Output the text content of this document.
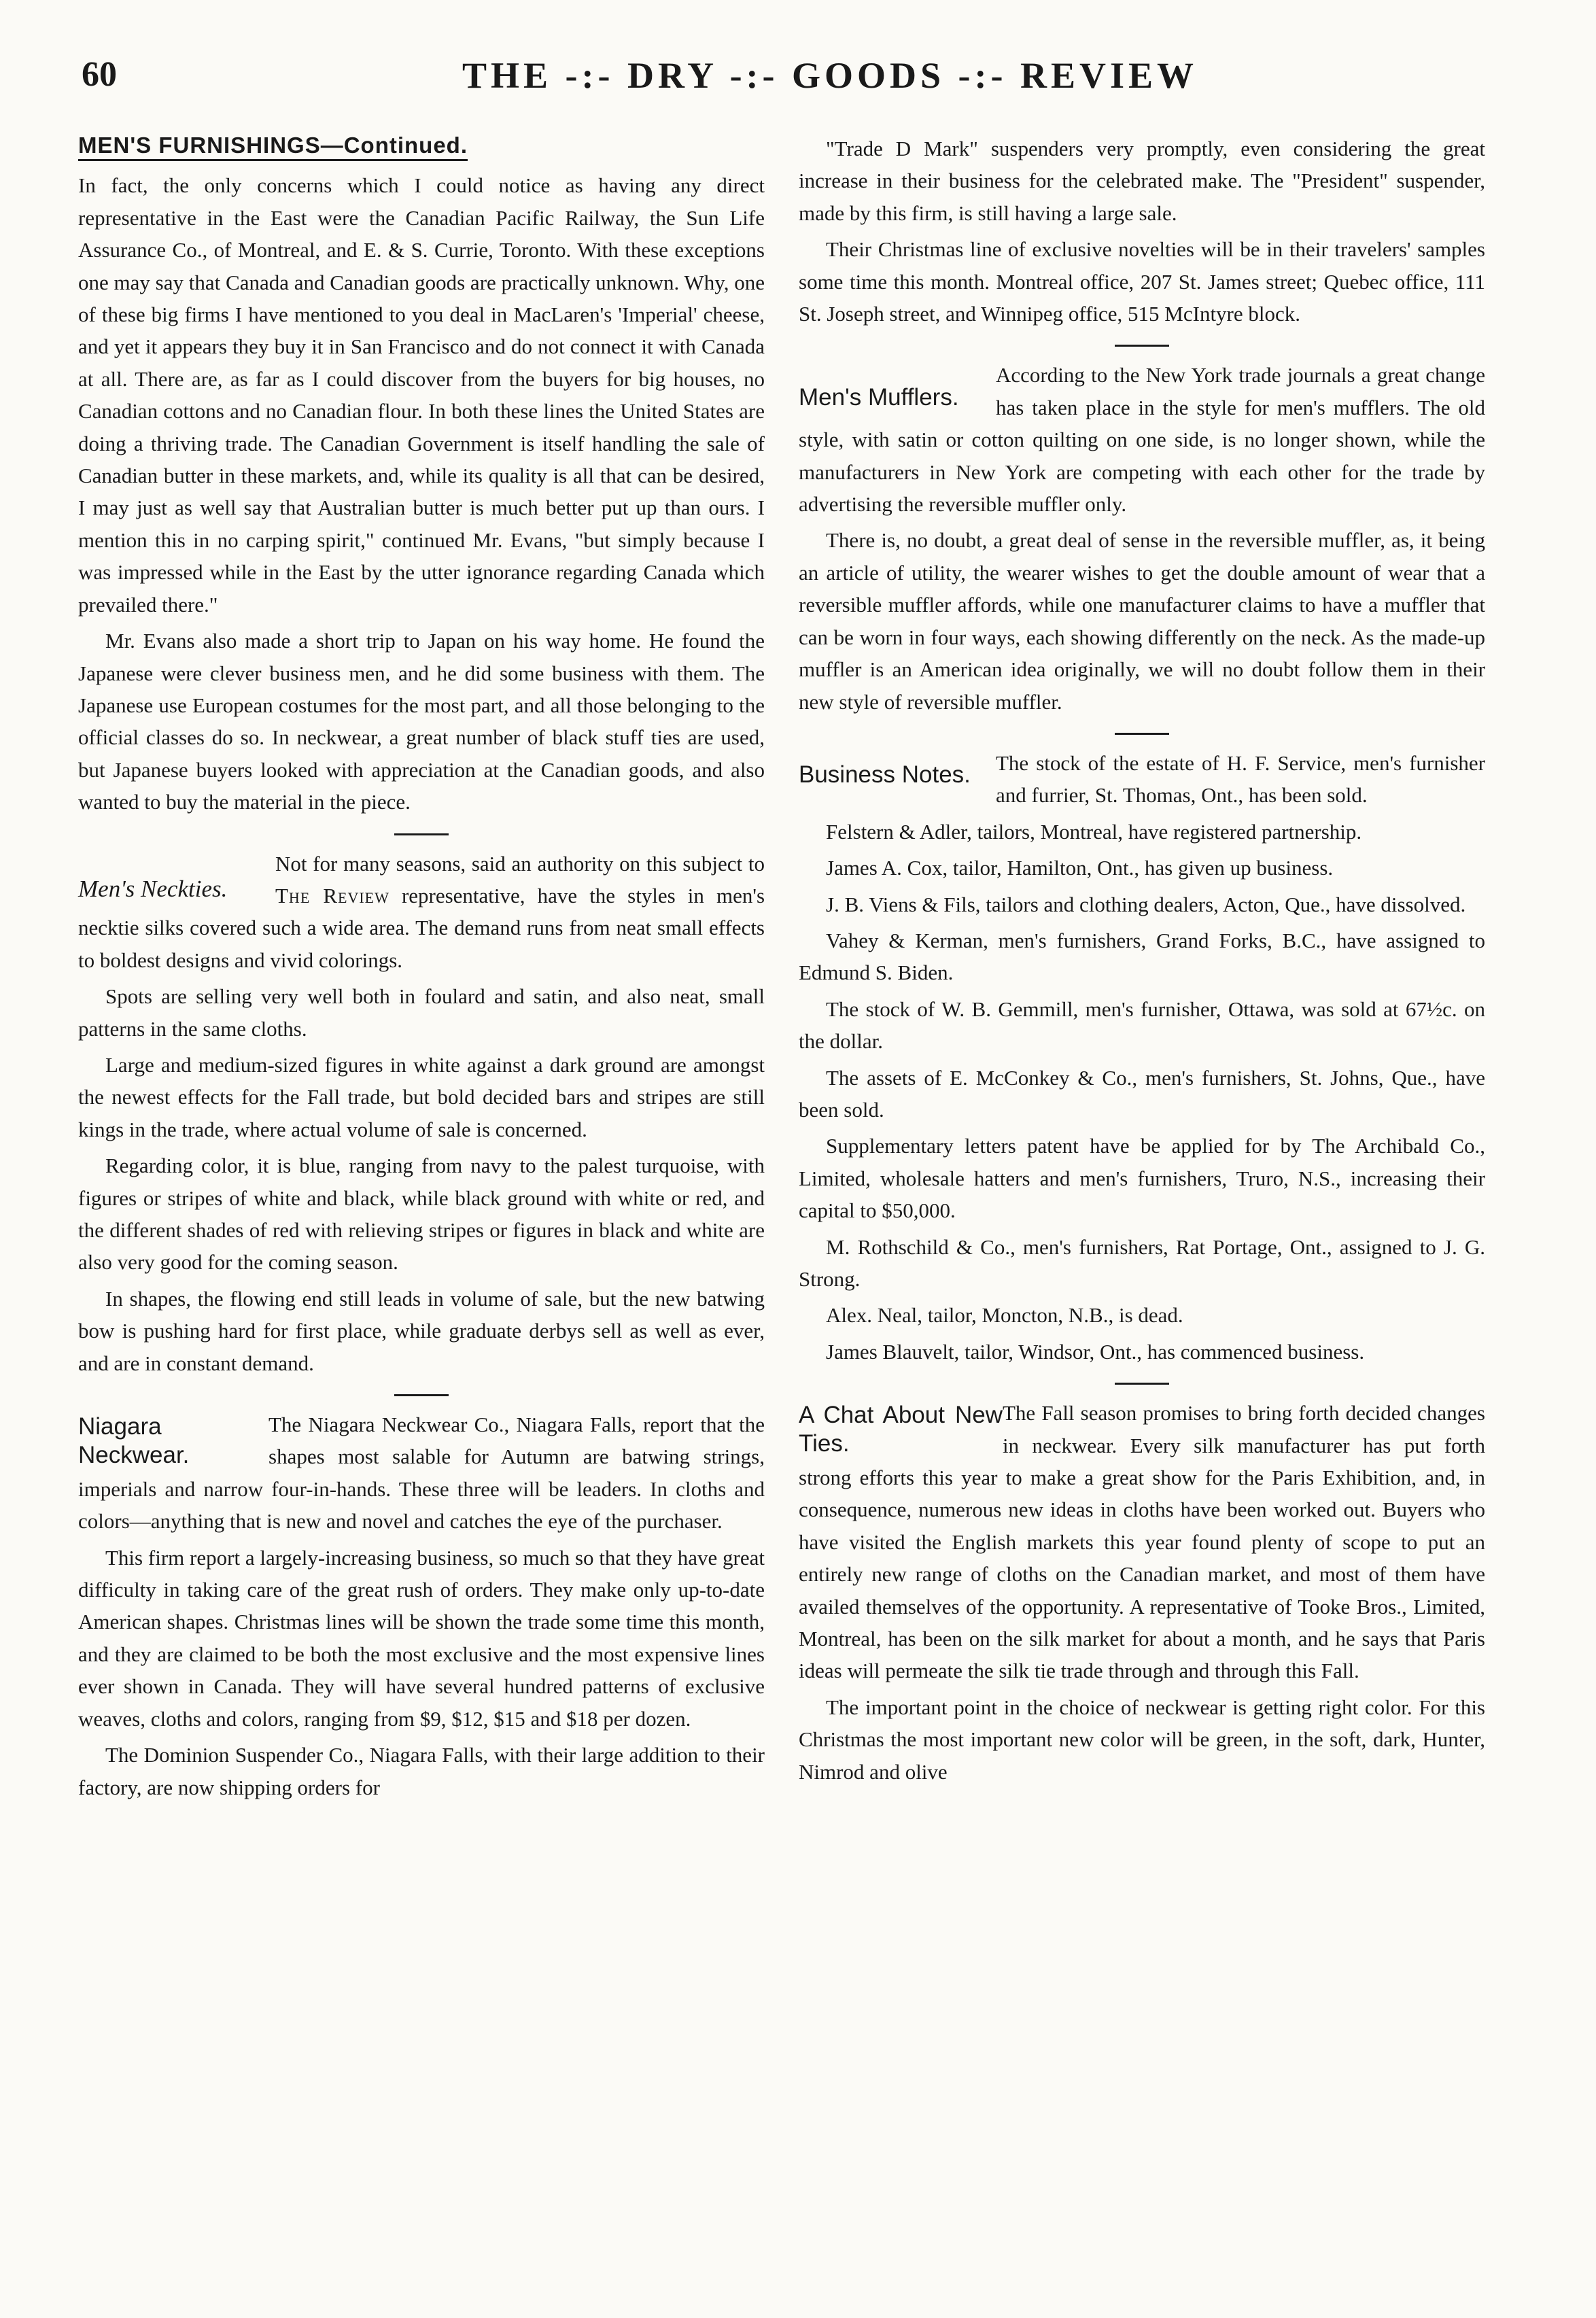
60	THE -:- DRY -:- GOODS -:- REVIEW
MEN'S FURNISHINGS—Continued.

In fact, the only concerns which I could notice as having any direct representative in the East were the Canadian Pacific Railway, the Sun Life Assurance Co., of Montreal, and E. & S. Currie, Toronto. With these exceptions one may say that Canada and Canadian goods are practically unknown. Why, one of these big firms I have mentioned to you deal in MacLaren's 'Imperial' cheese, and yet it appears they buy it in San Francisco and do not connect it with Canada at all. There are, as far as I could discover from the buyers for big houses, no Canadian cottons and no Canadian flour. In both these lines the United States are doing a thriving trade. The Canadian Government is itself handling the sale of Canadian butter in these markets, and, while its quality is all that can be desired, I may just as well say that Australian butter is much better put up than ours. I mention this in no carping spirit," continued Mr. Evans, "but simply because I was impressed while in the East by the utter ignorance regarding Canada which prevailed there."

Mr. Evans also made a short trip to Japan on his way home. He found the Japanese were clever business men, and he did some business with them. The Japanese use European costumes for the most part, and all those belonging to the official classes do so. In neckwear, a great number of black stuff ties are used, but Japanese buyers looked with appreciation at the Canadian goods, and also wanted to buy the material in the piece.

Men's Neckties.

Not for many seasons, said an authority on this subject to The Review representative, have the styles in men's necktie silks covered such a wide area. The demand runs from neat small effects to boldest designs and vivid colorings.

Spots are selling very well both in foulard and satin, and also neat, small patterns in the same cloths.

Large and medium-sized figures in white against a dark ground are amongst the newest effects for the Fall trade, but bold decided bars and stripes are still kings in the trade, where actual volume of sale is concerned.

Regarding color, it is blue, ranging from navy to the palest turquoise, with figures or stripes of white and black, while black ground with white or red, and the different shades of red with relieving stripes or figures in black and white are also very good for the coming season.

In shapes, the flowing end still leads in volume of sale, but the new batwing bow is pushing hard for first place, while graduate derbys sell as well as ever, and are in constant demand.

Niagara Neckwear.

The Niagara Neckwear Co., Niagara Falls, report that the shapes most salable for Autumn are batwing strings, imperials and narrow four-in-hands. These three will be leaders. In cloths and colors—anything that is new and novel and catches the eye of the purchaser.

This firm report a largely-increasing business, so much so that they have great difficulty in taking care of the great rush of orders. They make only up-to-date American shapes. Christmas lines will be shown the trade some time this month, and they are claimed to be both the most exclusive and the most expensive lines ever shown in Canada. They will have several hundred patterns of exclusive weaves, cloths and colors, ranging from $9, $12, $15 and $18 per dozen.

The Dominion Suspender Co., Niagara Falls, with their large addition to their factory, are now shipping orders for

"Trade D Mark" suspenders very promptly, even considering the great increase in their business for the celebrated make. The "President" suspender, made by this firm, is still having a large sale.

Their Christmas line of exclusive novelties will be in their travelers' samples some time this month. Montreal office, 207 St. James street; Quebec office, 111 St. Joseph street, and Winnipeg office, 515 McIntyre block.

Men's Mufflers.

According to the New York trade journals a great change has taken place in the style for men's mufflers. The old style, with satin or cotton quilting on one side, is no longer shown, while the manufacturers in New York are competing with each other for the trade by advertising the reversible muffler only.

There is, no doubt, a great deal of sense in the reversible muffler, as, it being an article of utility, the wearer wishes to get the double amount of wear that a reversible muffler affords, while one manufacturer claims to have a muffler that can be worn in four ways, each showing differently on the neck. As the made-up muffler is an American idea originally, we will no doubt follow them in their new style of reversible muffler.

Business Notes.	The stock of the estate of H. F. Service, men's furnisher and furrier, St. Thomas, Ont., has been sold.

Felstern & Adler, tailors, Montreal, have registered partnership.

James A. Cox, tailor, Hamilton, Ont., has given up business.

J. B. Viens & Fils, tailors and clothing dealers, Acton, Que., have dissolved.

Vahey & Kerman, men's furnishers, Grand Forks, B.C., have assigned to Edmund S. Biden.

The stock of W. B. Gemmill, men's furnisher, Ottawa, was sold at 67½c. on the dollar.

The assets of E. McConkey & Co., men's furnishers, St. Johns, Que., have been sold.

Supplementary letters patent have be applied for by The Archibald Co., Limited, wholesale hatters and men's furnishers, Truro, N.S., increasing their capital to $50,000.

M. Rothschild & Co., men's furnishers, Rat Portage, Ont., assigned to J. G. Strong.

Alex. Neal, tailor, Moncton, N.B., is dead.

James Blauvelt, tailor, Windsor, Ont., has commenced business.

A Chat About New Ties.

The Fall season promises to bring forth decided changes in neckwear. Every silk manufacturer has put forth strong efforts this year to make a great show for the Paris Exhibition, and, in consequence, numerous new ideas in cloths have been worked out. Buyers who have visited the English markets this year found plenty of scope to put an entirely new range of cloths on the Canadian market, and most of them have availed themselves of the opportunity. A representative of Tooke Bros., Limited, Montreal, has been on the silk market for about a month, and he says that Paris ideas will permeate the silk tie trade through and through this Fall.

The important point in the choice of neckwear is getting right color. For this Christmas the most important new color will be green, in the soft, dark, Hunter, Nimrod and olive
